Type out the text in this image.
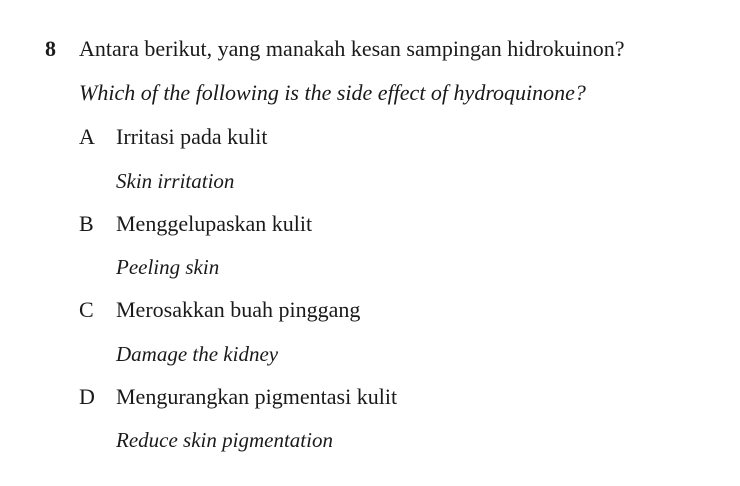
8 Antara berikut, yang manakah kesan sampingan hidrokuinon?
Which of the following is the side effect of hydroquinone?
A Irritasi pada kulit
Skin irritation
B Menggelupaskan kulit
Peeling skin
C Merosakkan buah pinggang
Damage the kidney
D Mengurangkan pigmentasi kulit
Reduce skin pigmentation
